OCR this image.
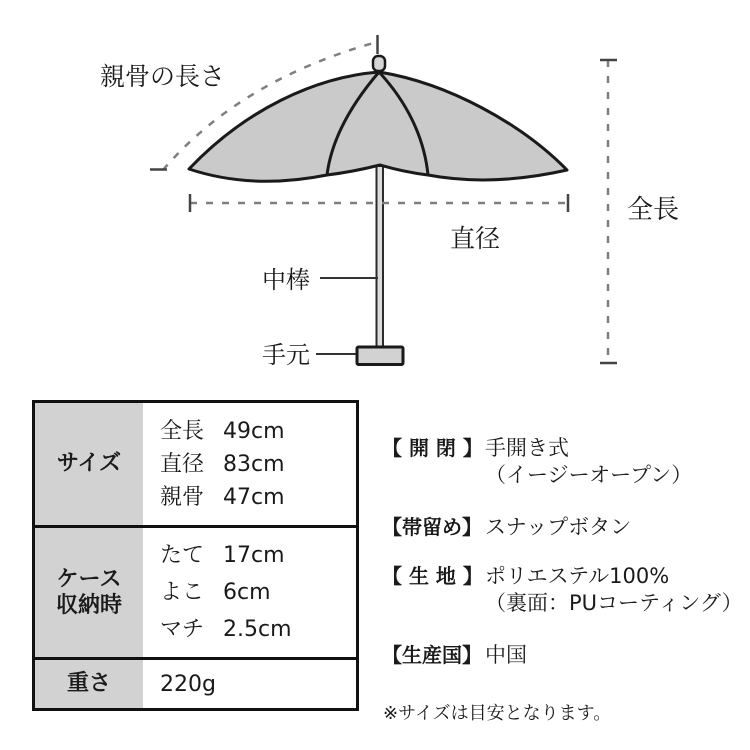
親骨の長さ
直径
全長
中棒
手元
サイズ
全長 49cm
直径 83cm
親骨 47cm
ケース
収納時
たて 17cm
よこ 6cm
マチ 2.5cm
重さ 220g
【 開 閉 】 手開き式
（イージーオープン）
【帯留め】 スナップボタン
【 生 地 】 ポリエステル100%
（裏面：PUコーティング）
【生産国】 中国
※サイズは目安となります。
